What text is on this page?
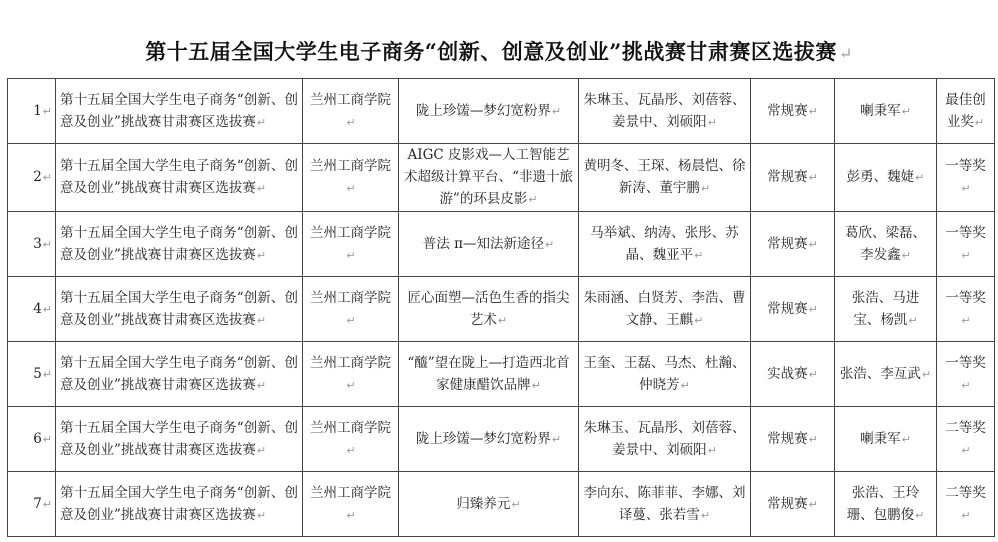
第十五届全国大学生电子商务“创新、创意及创业”挑战赛甘肃赛区选拔赛 ↵
1↵	第十五届全国大学生电子商务“创新、创意及创业”挑战赛甘肃赛区选拔赛↵	兰州工商学院↵	陇上珍馐—梦幻宽粉界↵	朱琳玉、瓦晶彤、刘蓓蓉、姜景中、刘硕阳↵	常规赛↵	喇秉军↵	最佳创业奖↵
2↵	第十五届全国大学生电子商务“创新、创意及创业”挑战赛甘肃赛区选拔赛↵	兰州工商学院↵	AIGC 皮影戏—人工智能艺术超级计算平台、“非遗十旅游”的环县皮影↵	黄明冬、王琛、杨晨恺、徐新涛、董宇鹏↵	常规赛↵	彭勇、魏婕↵	一等奖↵
3↵	第十五届全国大学生电子商务“创新、创意及创业”挑战赛甘肃赛区选拔赛↵	兰州工商学院↵	普法 π—知法新途径↵	马举斌、纳涛、张彤、苏晶、魏亚平↵	常规赛↵	葛欣、梁磊、李发鑫↵	一等奖↵
4↵	第十五届全国大学生电子商务“创新、创意及创业”挑战赛甘肃赛区选拔赛↵	兰州工商学院↵	匠心面塑—活色生香的指尖艺术↵	朱雨涵、白贤芳、李浩、曹文静、王麒↵	常规赛↵	张浩、马进宝、杨凯↵	一等奖↵
5↵	第十五届全国大学生电子商务“创新、创意及创业”挑战赛甘肃赛区选拔赛↵	兰州工商学院↵	“醯”望在陇上—打造西北首家健康醋饮品牌↵	王奎、王磊、马杰、杜瀚、仲晓芳↵	实战赛↵	张浩、李亙武↵	一等奖↵
6↵	第十五届全国大学生电子商务“创新、创意及创业”挑战赛甘肃赛区选拔赛↵	兰州工商学院↵	陇上珍馐—梦幻宽粉界↵	朱琳玉、瓦晶彤、刘蓓蓉、姜景中、刘硕阳↵	常规赛↵	喇秉军↵	二等奖↵
7↵	第十五届全国大学生电子商务“创新、创意及创业”挑战赛甘肃赛区选拔赛↵	兰州工商学院↵	归臻养元↵	李向东、陈菲菲、李娜、刘译蔓、张若雪↵	常规赛↵	张浩、王玲珊、包鹏俊↵	二等奖↵
